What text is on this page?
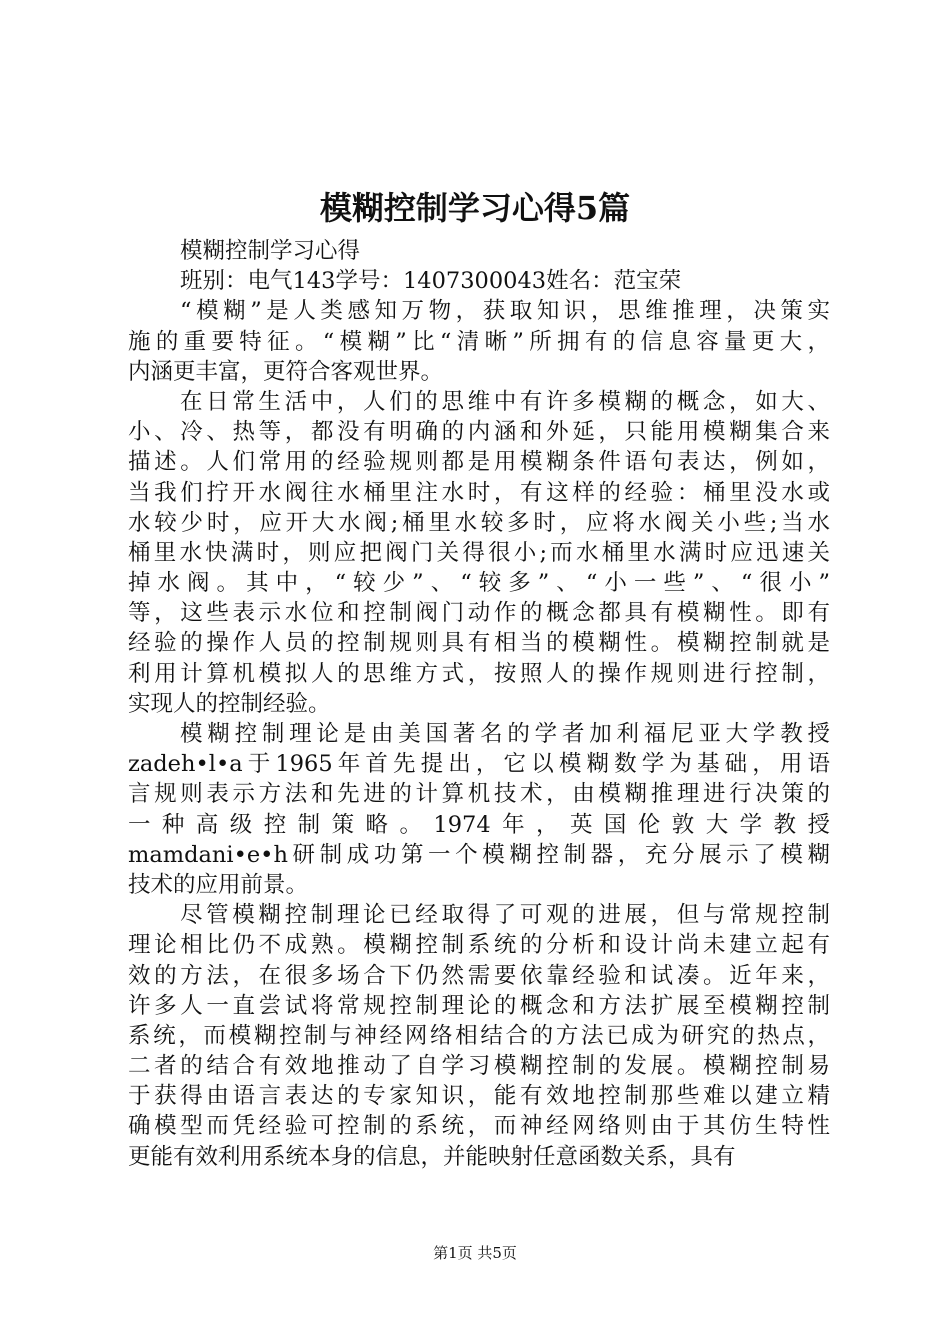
模糊控制学习心得5篇
模糊控制学习心得
班别：电气143学号：1407300043姓名：范宝荣
“模糊”是人类感知万物，获取知识，思维推理，决策实
施的重要特征。“模糊”比“清晰”所拥有的信息容量更大，
内涵更丰富，更符合客观世界。
在日常生活中，人们的思维中有许多模糊的概念，如大、
小、冷、热等，都没有明确的内涵和外延，只能用模糊集合来
描述。人们常用的经验规则都是用模糊条件语句表达，例如，
当我们拧开水阀往水桶里注水时，有这样的经验：桶里没水或
水较少时，应开大水阀;桶里水较多时，应将水阀关小些;当水
桶里水快满时，则应把阀门关得很小;而水桶里水满时应迅速关
掉水阀。其中，“较少”、“较多”、“小一些”、“很小”
等，这些表示水位和控制阀门动作的概念都具有模糊性。即有
经验的操作人员的控制规则具有相当的模糊性。模糊控制就是
利用计算机模拟人的思维方式，按照人的操作规则进行控制，
实现人的控制经验。
模糊控制理论是由美国著名的学者加利福尼亚大学教授
zadeh•l•a于1965年首先提出，它以模糊数学为基础，用语
言规则表示方法和先进的计算机技术，由模糊推理进行决策的
一种高级控制策略。1974年，英国伦敦大学教授
mamdani•e•h研制成功第一个模糊控制器，充分展示了模糊
技术的应用前景。
尽管模糊控制理论已经取得了可观的进展，但与常规控制
理论相比仍不成熟。模糊控制系统的分析和设计尚未建立起有
效的方法，在很多场合下仍然需要依靠经验和试凑。近年来，
许多人一直尝试将常规控制理论的概念和方法扩展至模糊控制
系统，而模糊控制与神经网络相结合的方法已成为研究的热点，
二者的结合有效地推动了自学习模糊控制的发展。模糊控制易
于获得由语言表达的专家知识，能有效地控制那些难以建立精
确模型而凭经验可控制的系统，而神经网络则由于其仿生特性
更能有效利用系统本身的信息，并能映射任意函数关系，具有
第1页 共5页
